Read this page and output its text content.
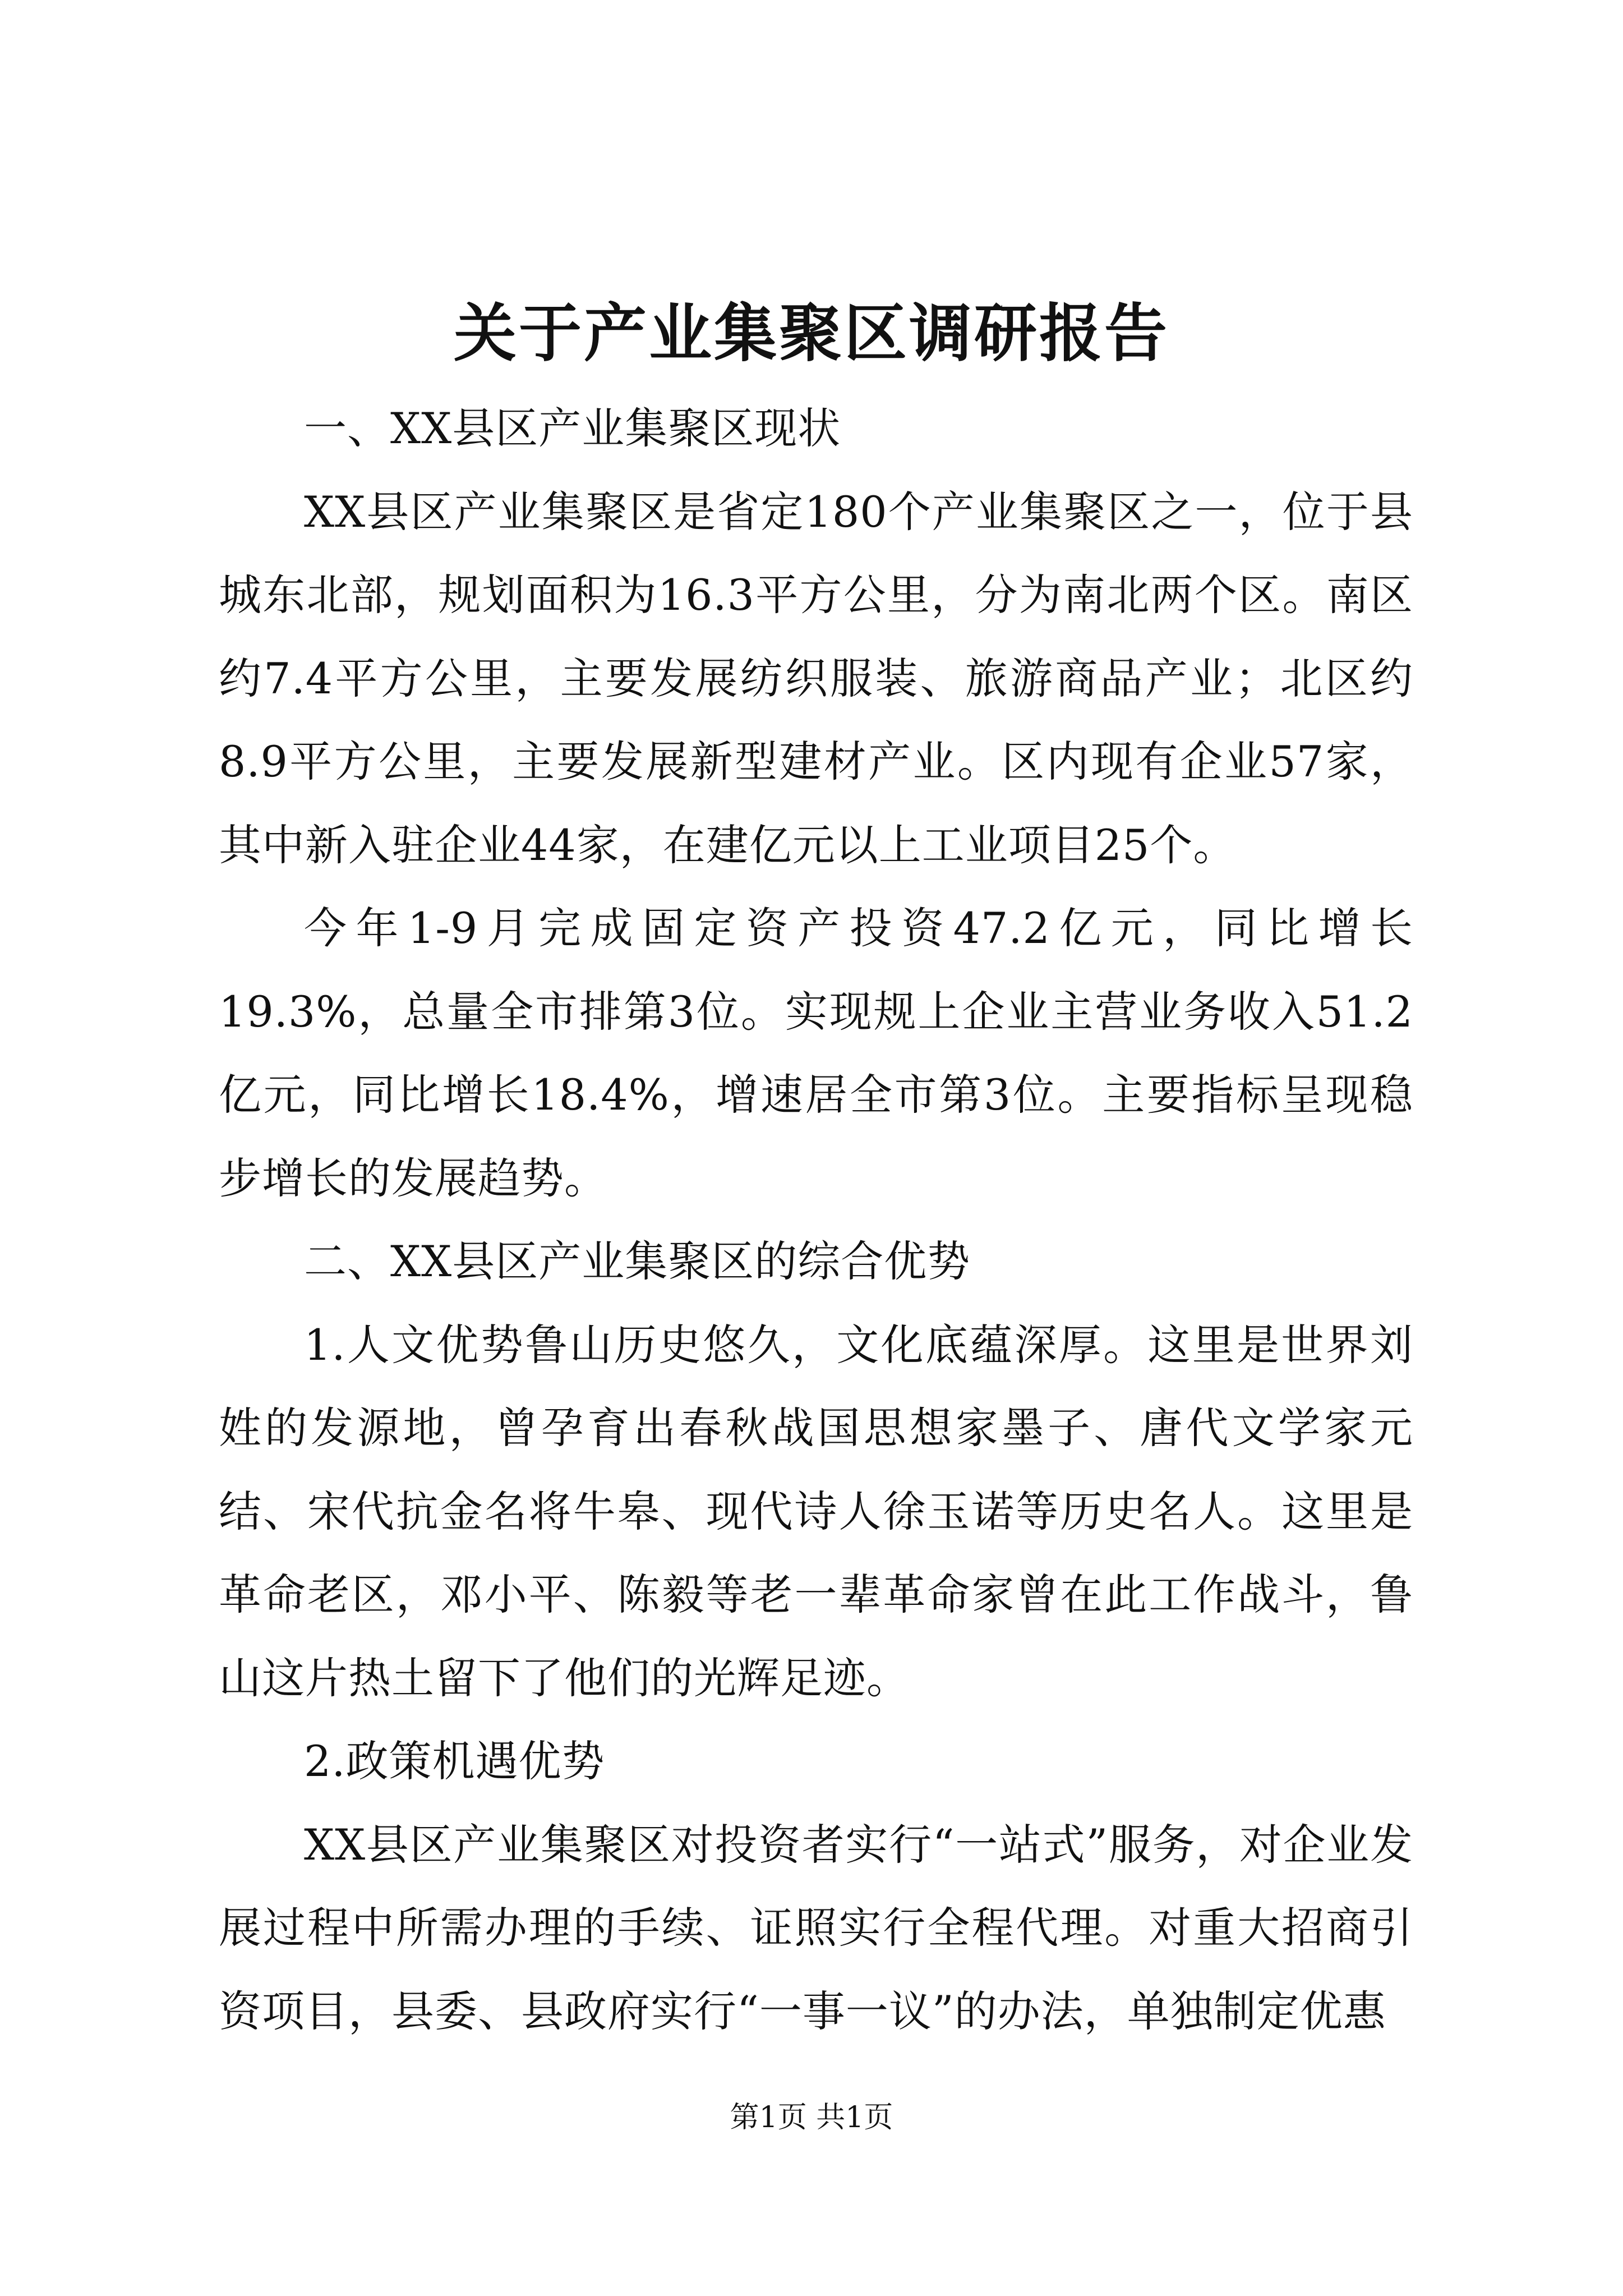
关于产业集聚区调研报告

一、XX县区产业集聚区现状

XX县区产业集聚区是省定180个产业集聚区之一，位于县城东北部，规划面积为16.3平方公里，分为南北两个区。南区约7.4平方公里，主要发展纺织服装、旅游商品产业；北区约8.9平方公里，主要发展新型建材产业。区内现有企业57家，其中新入驻企业44家，在建亿元以上工业项目25个。

今年1-9月完成固定资产投资47.2亿元，同比增长19.3%，总量全市排第3位。实现规上企业主营业务收入51.2亿元，同比增长18.4%，增速居全市第3位。主要指标呈现稳步增长的发展趋势。

二、XX县区产业集聚区的综合优势

1.人文优势鲁山历史悠久，文化底蕴深厚。这里是世界刘姓的发源地，曾孕育出春秋战国思想家墨子、唐代文学家元结、宋代抗金名将牛皋、现代诗人徐玉诺等历史名人。这里是革命老区，邓小平、陈毅等老一辈革命家曾在此工作战斗，鲁山这片热土留下了他们的光辉足迹。

2.政策机遇优势

XX县区产业集聚区对投资者实行“一站式”服务，对企业发展过程中所需办理的手续、证照实行全程代理。对重大招商引资项目，县委、县政府实行“一事一议”的办法，单独制定优惠

第1页 共1页
